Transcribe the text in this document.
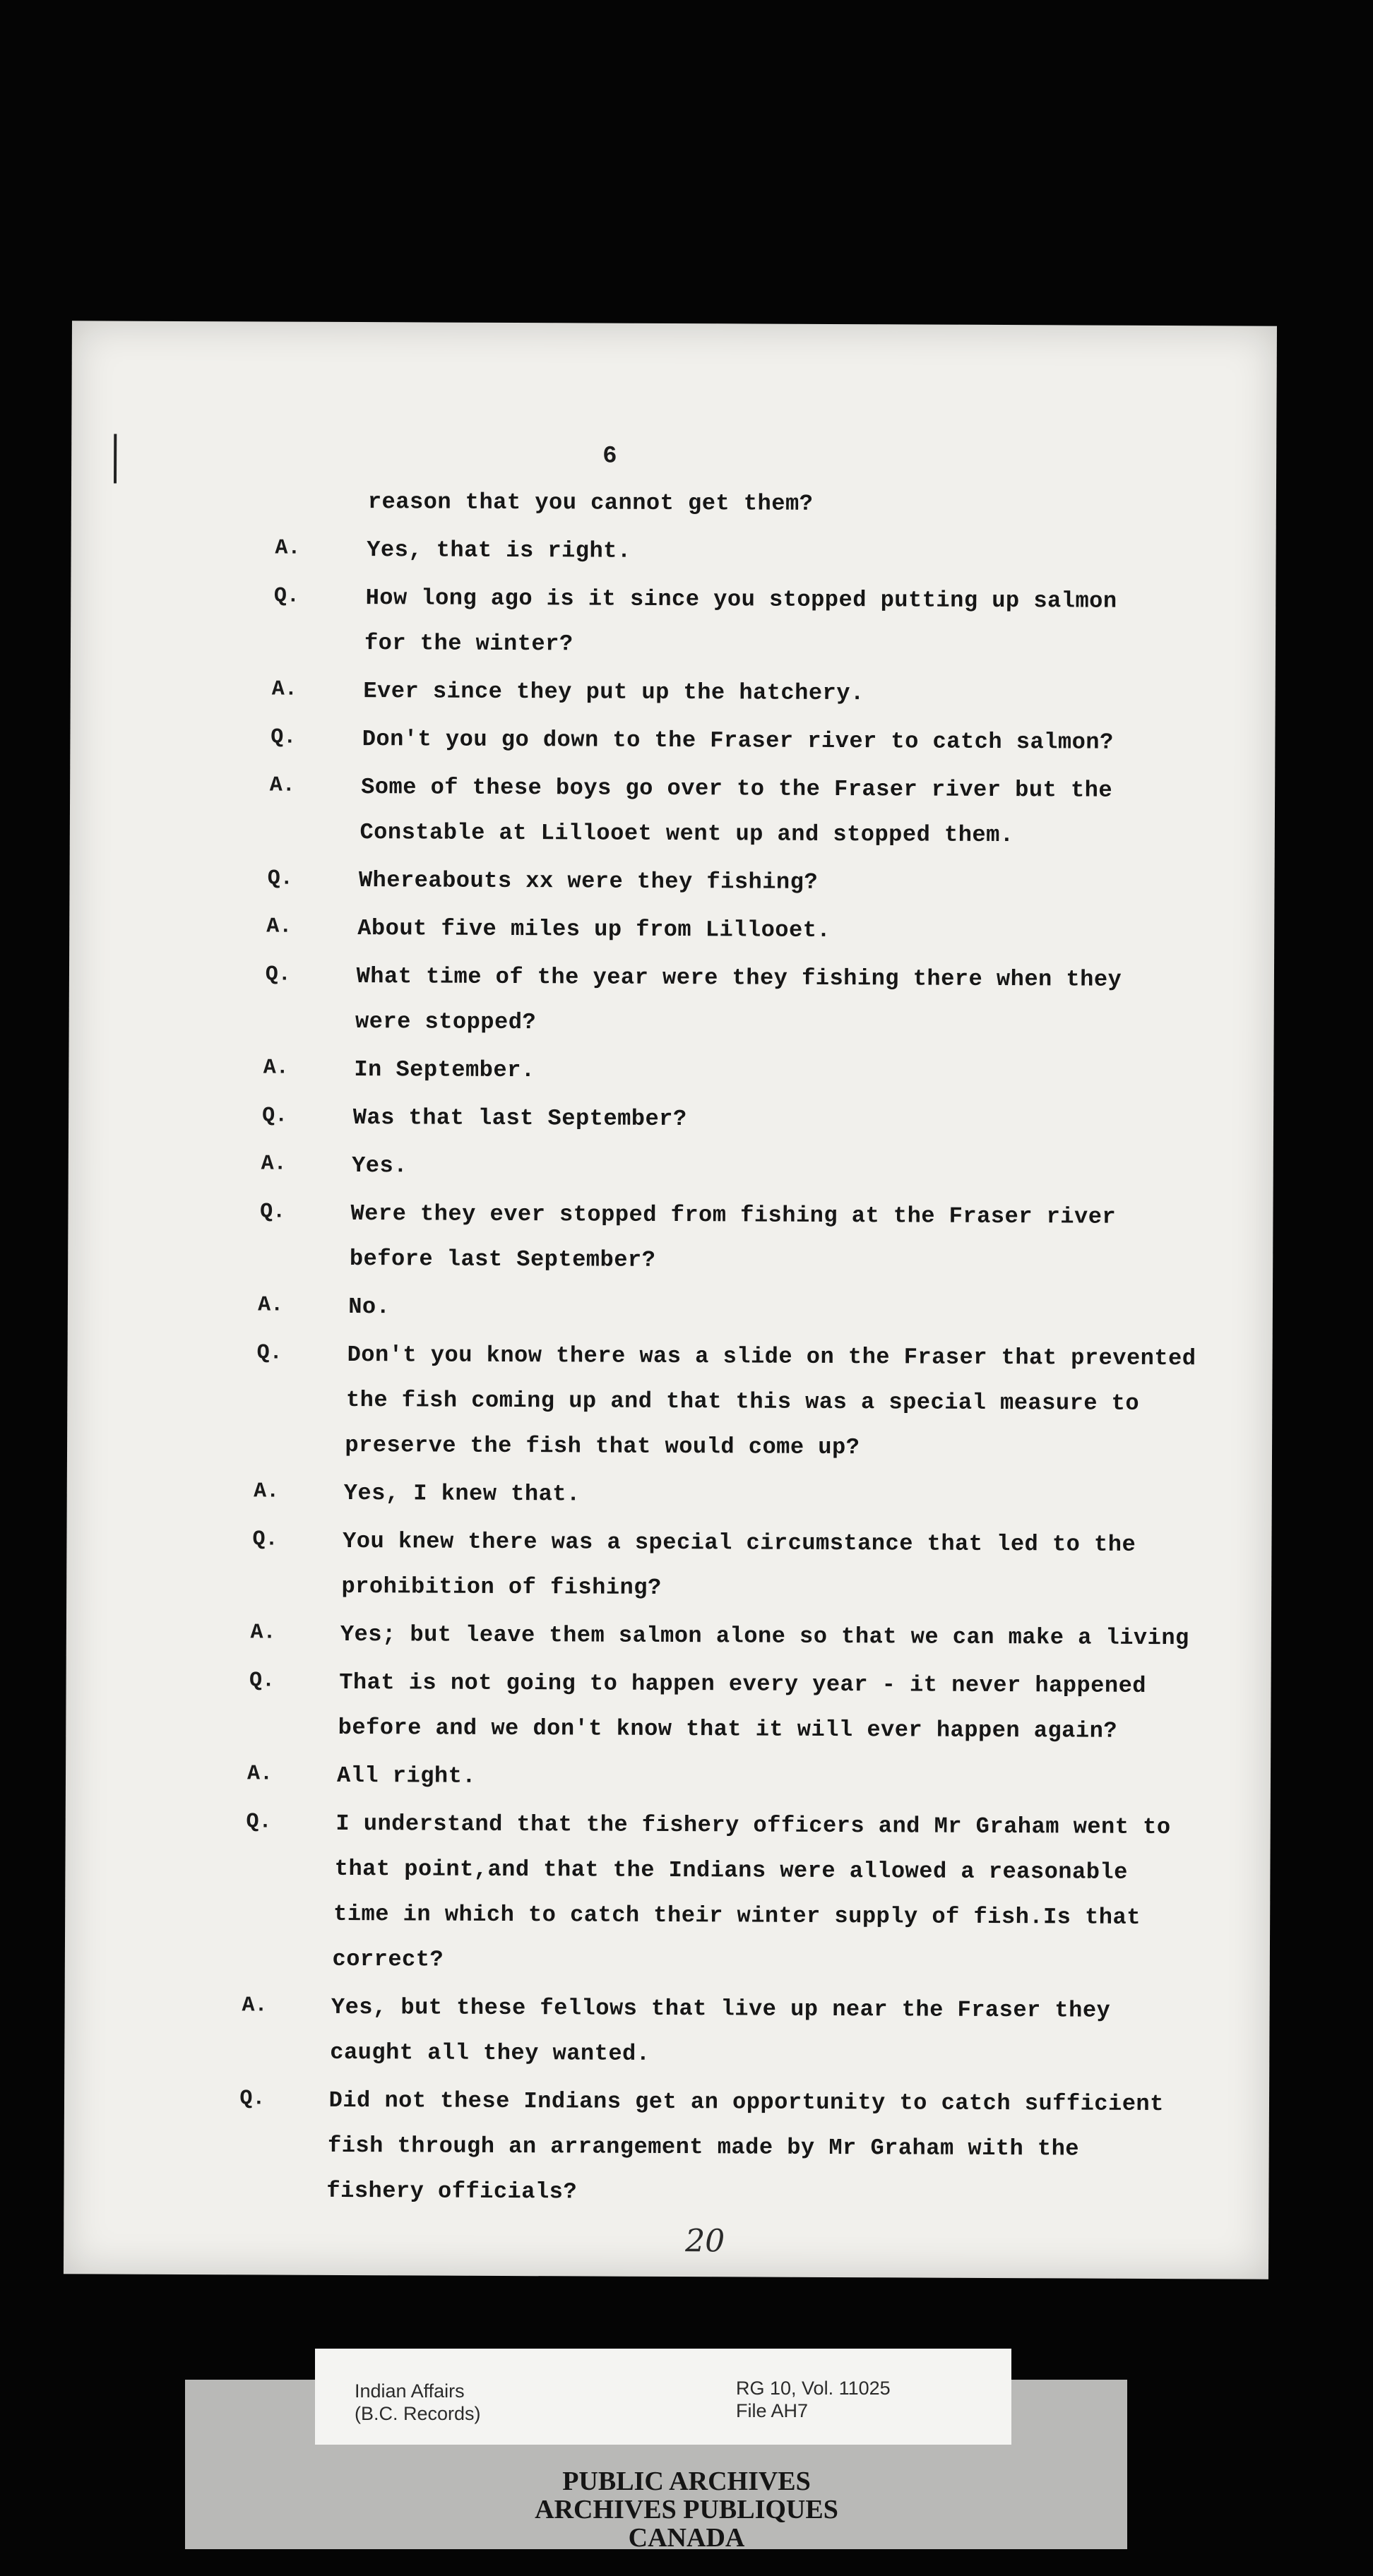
6
reason that you cannot get them?
A.	Yes, that is right.
Q.	How long ago is it since you stopped putting up salmon
for the winter?
A.	Ever since they put up the hatchery.
Q.	Don't you go down to the Fraser river to catch salmon?
A.	Some of these boys go over to the Fraser river but the
Constable at Lillooet went up and stopped them.
Q.	Whereabouts xx were they fishing?
A.	About five miles up from Lillooet.
Q.	What time of the year were they fishing there when they
were stopped?
A.	In September.
Q.	Was that last September?
A.	Yes.
Q.	Were they ever stopped from fishing at the Fraser river
before last September?
A.	No.
Q.	Don't you know there was a slide on the Fraser that prevented
the fish coming up and that this was a special measure to
preserve the fish that would come up?
A.	Yes, I knew that.
Q.	You knew there was a special circumstance that led to the
prohibition of fishing?
A.	Yes; but leave them salmon alone so that we can make a living
Q.	That is not going to happen every year - it never happened
before and we don't know that it will ever happen again?
A.	All right.
Q.	I understand that the fishery officers and Mr Graham went to
that point,and that the Indians were allowed a reasonable
time in which to catch their winter supply of fish.Is that
correct?
A.	Yes, but these fellows that live up near the Fraser they
caught all they wanted.
Q.	Did not these Indians get an opportunity to catch sufficient
fish through an arrangement made by Mr Graham with the
fishery officials?
20
Indian Affairs
(B.C. Records)
RG 10, Vol. 11025
File AH7
PUBLIC ARCHIVES
ARCHIVES PUBLIQUES
CANADA
